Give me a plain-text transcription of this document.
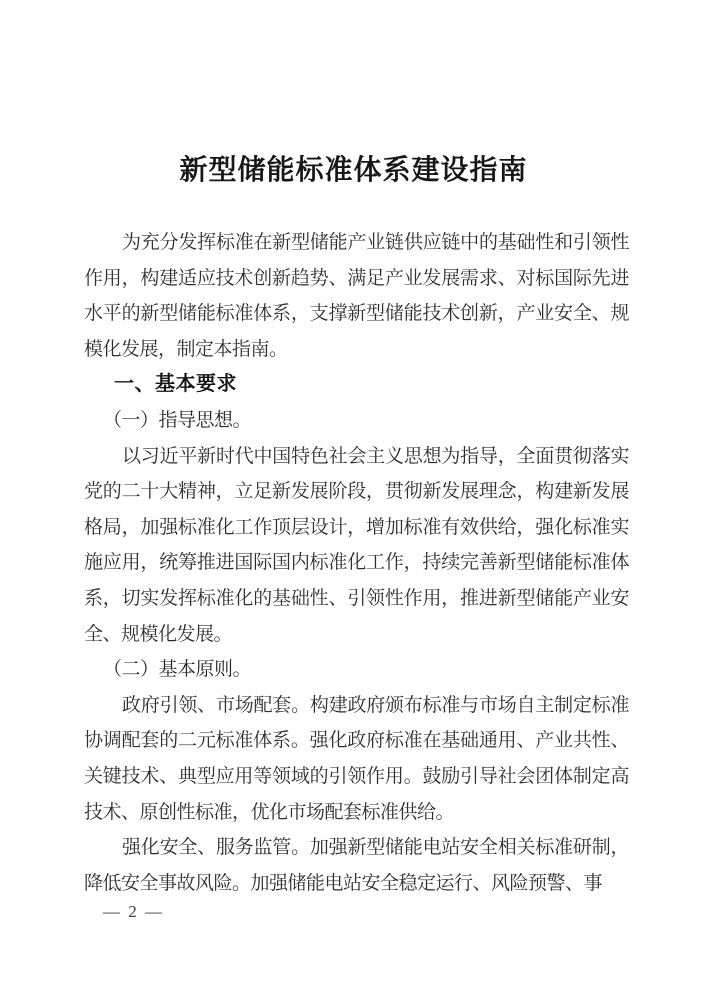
新型储能标准体系建设指南

为充分发挥标准在新型储能产业链供应链中的基础性和引领性作用，构建适应技术创新趋势、满足产业发展需求、对标国际先进水平的新型储能标准体系，支撑新型储能技术创新，产业安全、规模化发展，制定本指南。

一、基本要求

（一）指导思想。

以习近平新时代中国特色社会主义思想为指导，全面贯彻落实党的二十大精神，立足新发展阶段，贯彻新发展理念，构建新发展格局，加强标准化工作顶层设计，增加标准有效供给，强化标准实施应用，统筹推进国际国内标准化工作，持续完善新型储能标准体系，切实发挥标准化的基础性、引领性作用，推进新型储能产业安全、规模化发展。

（二）基本原则。

政府引领、市场配套。构建政府颁布标准与市场自主制定标准协调配套的二元标准体系。强化政府标准在基础通用、产业共性、关键技术、典型应用等领域的引领作用。鼓励引导社会团体制定高技术、原创性标准，优化市场配套标准供给。

强化安全、服务监管。加强新型储能电站安全相关标准研制，降低安全事故风险。加强储能电站安全稳定运行、风险预警、事

— 2 —
